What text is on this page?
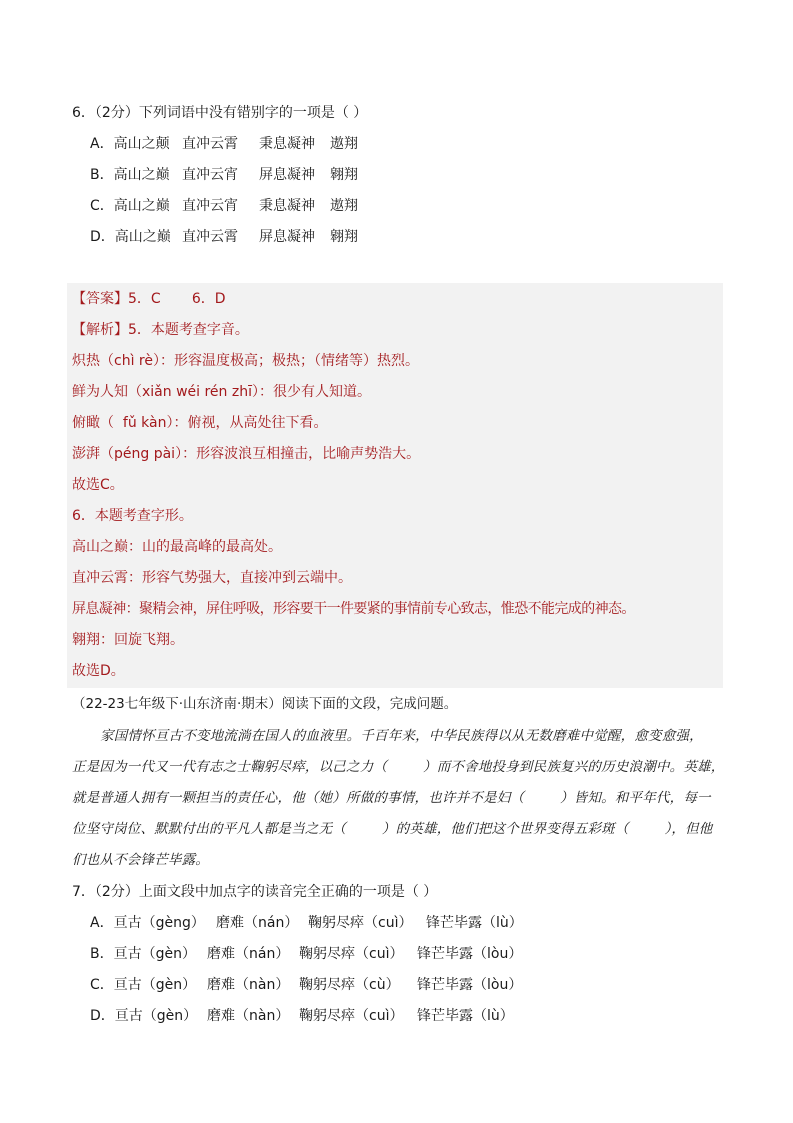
6．（2分）下列词语中没有错别字的一项是（ ）
A．高山之颠 直冲云霄 秉息凝神 遨翔
B．高山之巅 直冲云宵 屏息凝神 翱翔
C．高山之巅 直冲云宵 秉息凝神 遨翔
D．高山之巅 直冲云霄 屏息凝神 翱翔
【答案】5．C       6．D
【解析】5．本题考查字音。
炽热（chì rè）：形容温度极高；极热；（情绪等）热烈。
鲜为人知（xiǎn wéi rén zhī）：很少有人知道。
俯瞰（  fǔ kàn）：俯视，从高处往下看。
澎湃（péng pài）：形容波浪互相撞击，比喻声势浩大。
故选C。
6．本题考查字形。
高山之巅：山的最高峰的最高处。
直冲云霄：形容气势强大，直接冲到云端中。
屏息凝神：聚精会神，屏住呼吸，形容要干一件要紧的事情前专心致志，惟恐不能完成的神态。
翱翔：回旋飞翔。
故选D。
（22-23七年级下·山东济南·期末）阅读下面的文段，完成问题。
家国情怀亘古不变地流淌在国人的血液里。千百年来，中华民族得以从无数磨难中觉醒，愈变愈强，
正是因为一代又一代有志之士鞠躬尽瘁，以己之力（        ）而不舍地投身到民族复兴的历史浪潮中。英雄，
就是普通人拥有一颗担当的责任心，他（她）所做的事情，也许并不是妇（        ）皆知。和平年代，每一
位坚守岗位、默默付出的平凡人都是当之无（        ）的英雄，他们把这个世界变得五彩斑（        ），但他
们也从不会锋芒毕露。
7．（2分）上面文段中加点字的读音完全正确的一项是（ ）
A．亘古（gèng） 磨难（nán） 鞠躬尽瘁（cuì） 锋芒毕露（lù）
B．亘古（gèn） 磨难（nán） 鞠躬尽瘁（cuì） 锋芒毕露（lòu）
C．亘古（gèn） 磨难（nàn） 鞠躬尽瘁（cù） 锋芒毕露（lòu）
D．亘古（gèn） 磨难（nàn） 鞠躬尽瘁（cuì） 锋芒毕露（lù）
